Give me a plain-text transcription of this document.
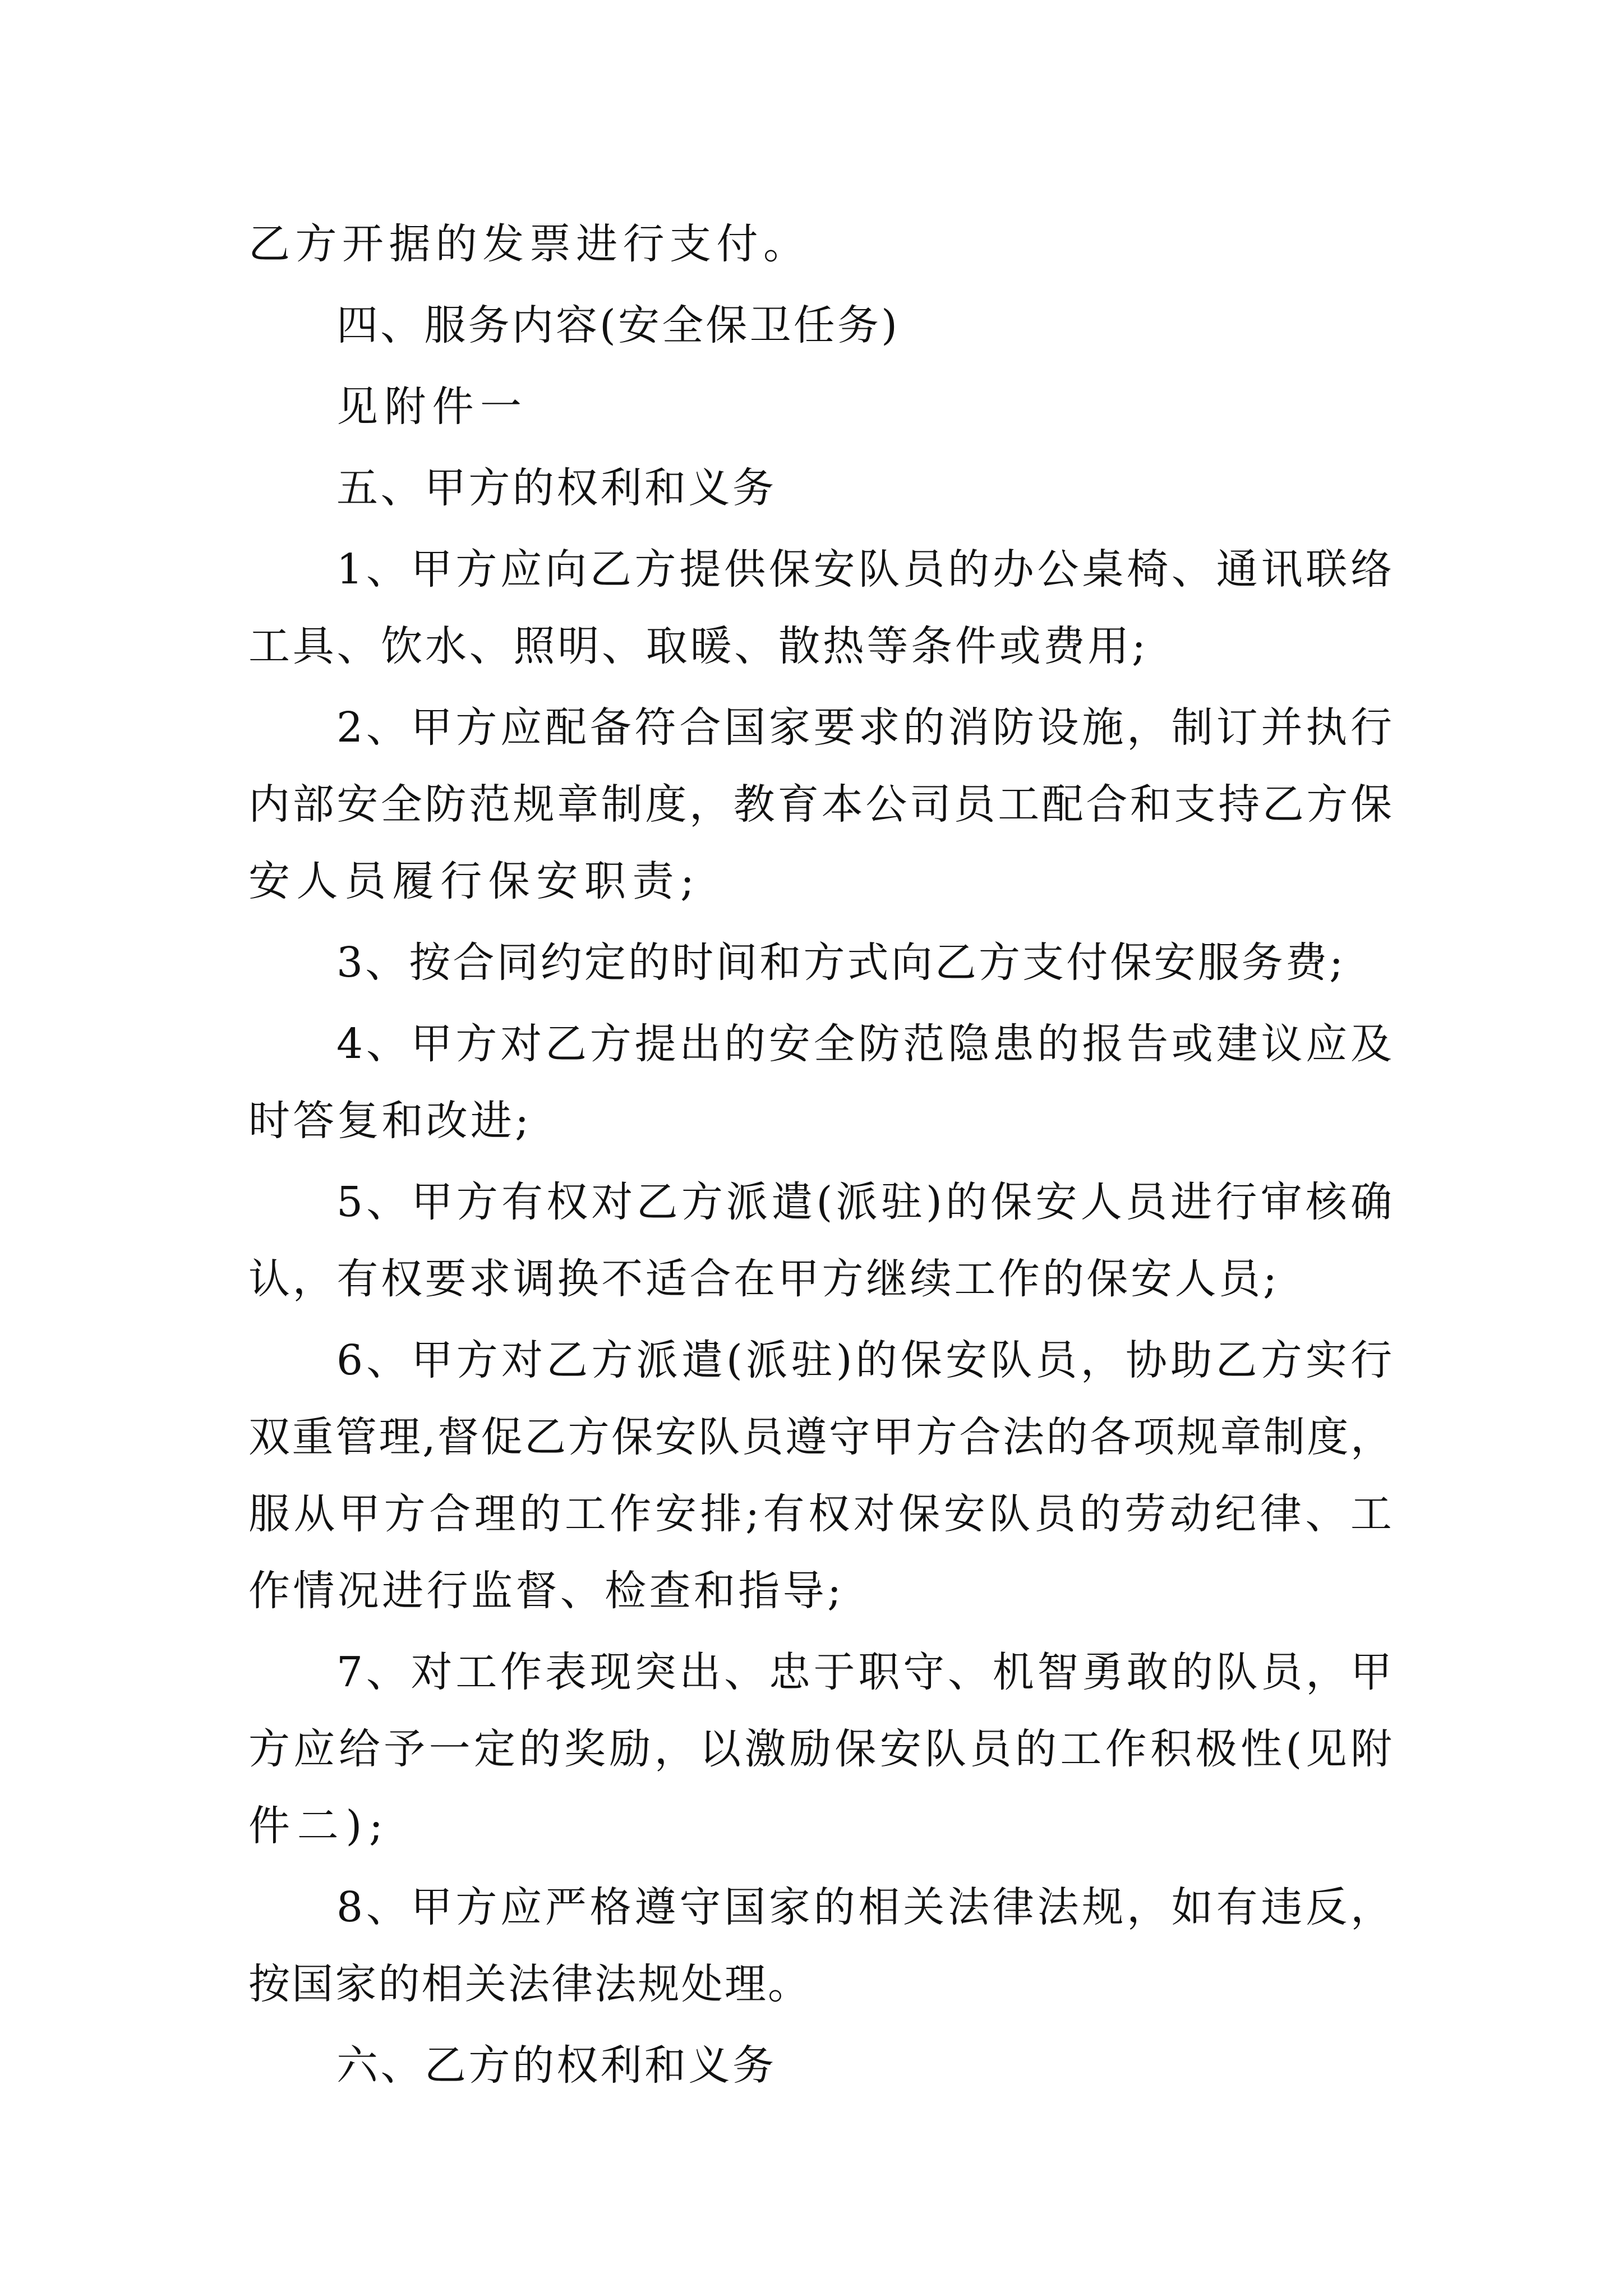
乙方开据的发票进行支付。
四、服务内容(安全保卫任务)
见附件一
五、甲方的权利和义务
1、甲方应向乙方提供保安队员的办公桌椅、通讯联络
工具、饮水、照明、取暖、散热等条件或费用;
2、甲方应配备符合国家要求的消防设施，制订并执行
内部安全防范规章制度，教育本公司员工配合和支持乙方保
安人员履行保安职责;
3、按合同约定的时间和方式向乙方支付保安服务费;
4、甲方对乙方提出的安全防范隐患的报告或建议应及
时答复和改进;
5、甲方有权对乙方派遣(派驻)的保安人员进行审核确
认，有权要求调换不适合在甲方继续工作的保安人员;
6、甲方对乙方派遣(派驻)的保安队员，协助乙方实行
双重管理,督促乙方保安队员遵守甲方合法的各项规章制度，
服从甲方合理的工作安排;有权对保安队员的劳动纪律、工
作情况进行监督、检查和指导;
7、对工作表现突出、忠于职守、机智勇敢的队员，甲
方应给予一定的奖励，以激励保安队员的工作积极性(见附
件二);
8、甲方应严格遵守国家的相关法律法规，如有违反，
按国家的相关法律法规处理。
六、乙方的权利和义务
